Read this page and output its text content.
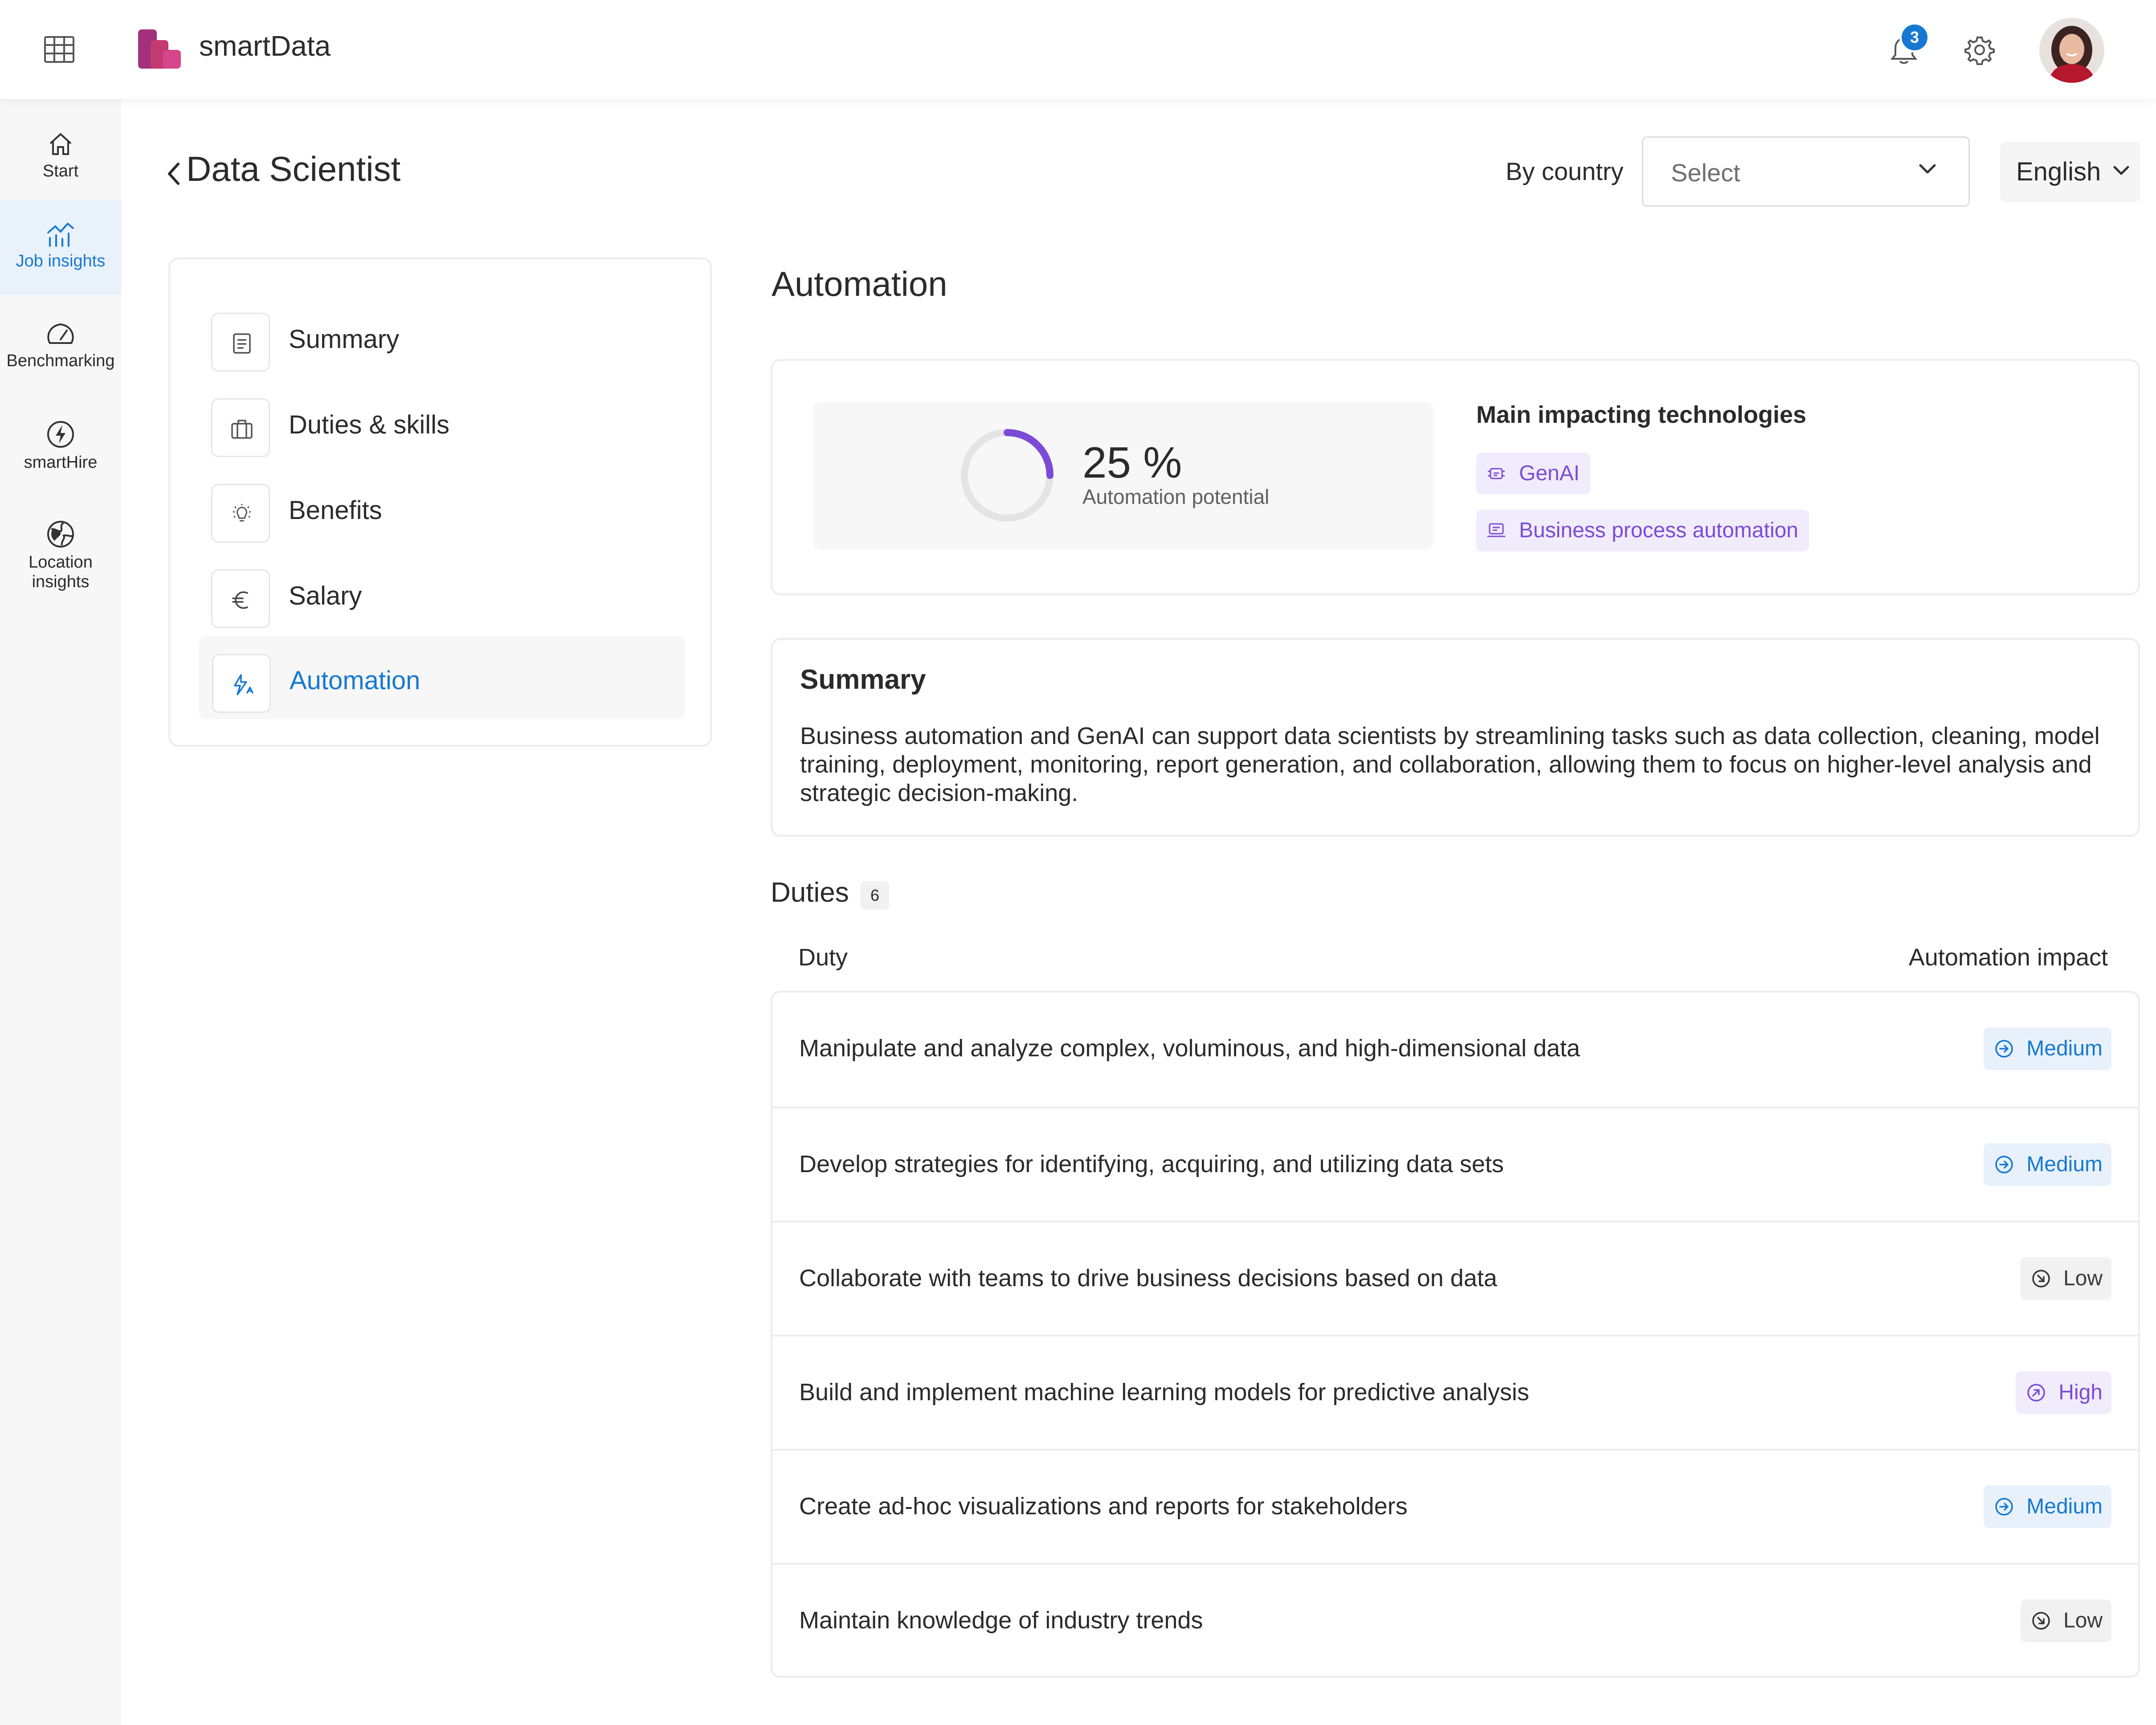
smartData	3
Start
Job insights
Benchmarking
smartHire
Location insights
Data Scientist	By country Select	English
Summary
Duties & skills
Benefits
Salary
Automation
Automation
25 %
Automation potential
Main impacting technologies
GenAI
Business process automation
Summary
Business automation and GenAI can support data scientists by streamlining tasks such as data collection, cleaning, model training, deployment, monitoring, report generation, and collaboration, allowing them to focus on higher-level analysis and strategic decision-making.
Duties	6
Duty	Automation impact
Manipulate and analyze complex, voluminous, and high-dimensional data	Medium
Develop strategies for identifying, acquiring, and utilizing data sets	Medium
Collaborate with teams to drive business decisions based on data	Low
Build and implement machine learning models for predictive analysis	High
Create ad-hoc visualizations and reports for stakeholders	Medium
Maintain knowledge of industry trends	Low
